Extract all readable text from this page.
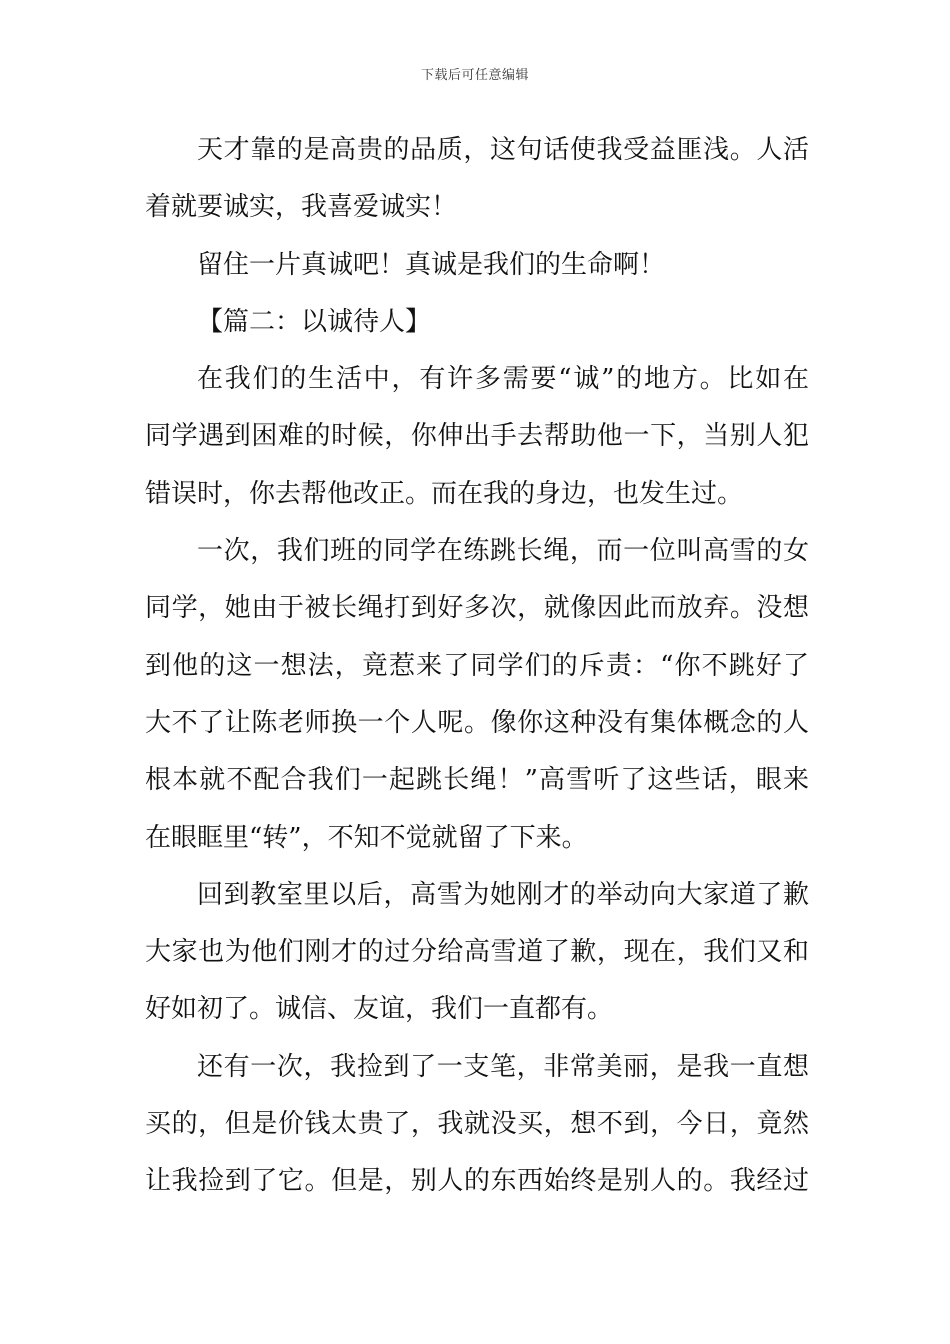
下载后可任意编辑
天才靠的是高贵的品质，这句话使我受益匪浅。人活
着就要诚实，我喜爱诚实！
留住一片真诚吧！真诚是我们的生命啊！
【篇二：以诚待人】
在我们的生活中，有许多需要“诚”的地方。比如在
同学遇到困难的时候，你伸出手去帮助他一下，当别人犯
错误时，你去帮他改正。而在我的身边，也发生过。
一次，我们班的同学在练跳长绳，而一位叫高雪的女
同学，她由于被长绳打到好多次，就像因此而放弃。没想
到他的这一想法，竟惹来了同学们的斥责：“你不跳好了
大不了让陈老师换一个人呢。像你这种没有集体概念的人
根本就不配合我们一起跳长绳！”高雪听了这些话，眼来
在眼眶里“转”，不知不觉就留了下来。
回到教室里以后，高雪为她刚才的举动向大家道了歉
大家也为他们刚才的过分给高雪道了歉，现在，我们又和
好如初了。诚信、友谊，我们一直都有。
还有一次，我捡到了一支笔，非常美丽，是我一直想
买的，但是价钱太贵了，我就没买，想不到，今日，竟然
让我捡到了它。但是，别人的东西始终是别人的。我经过
